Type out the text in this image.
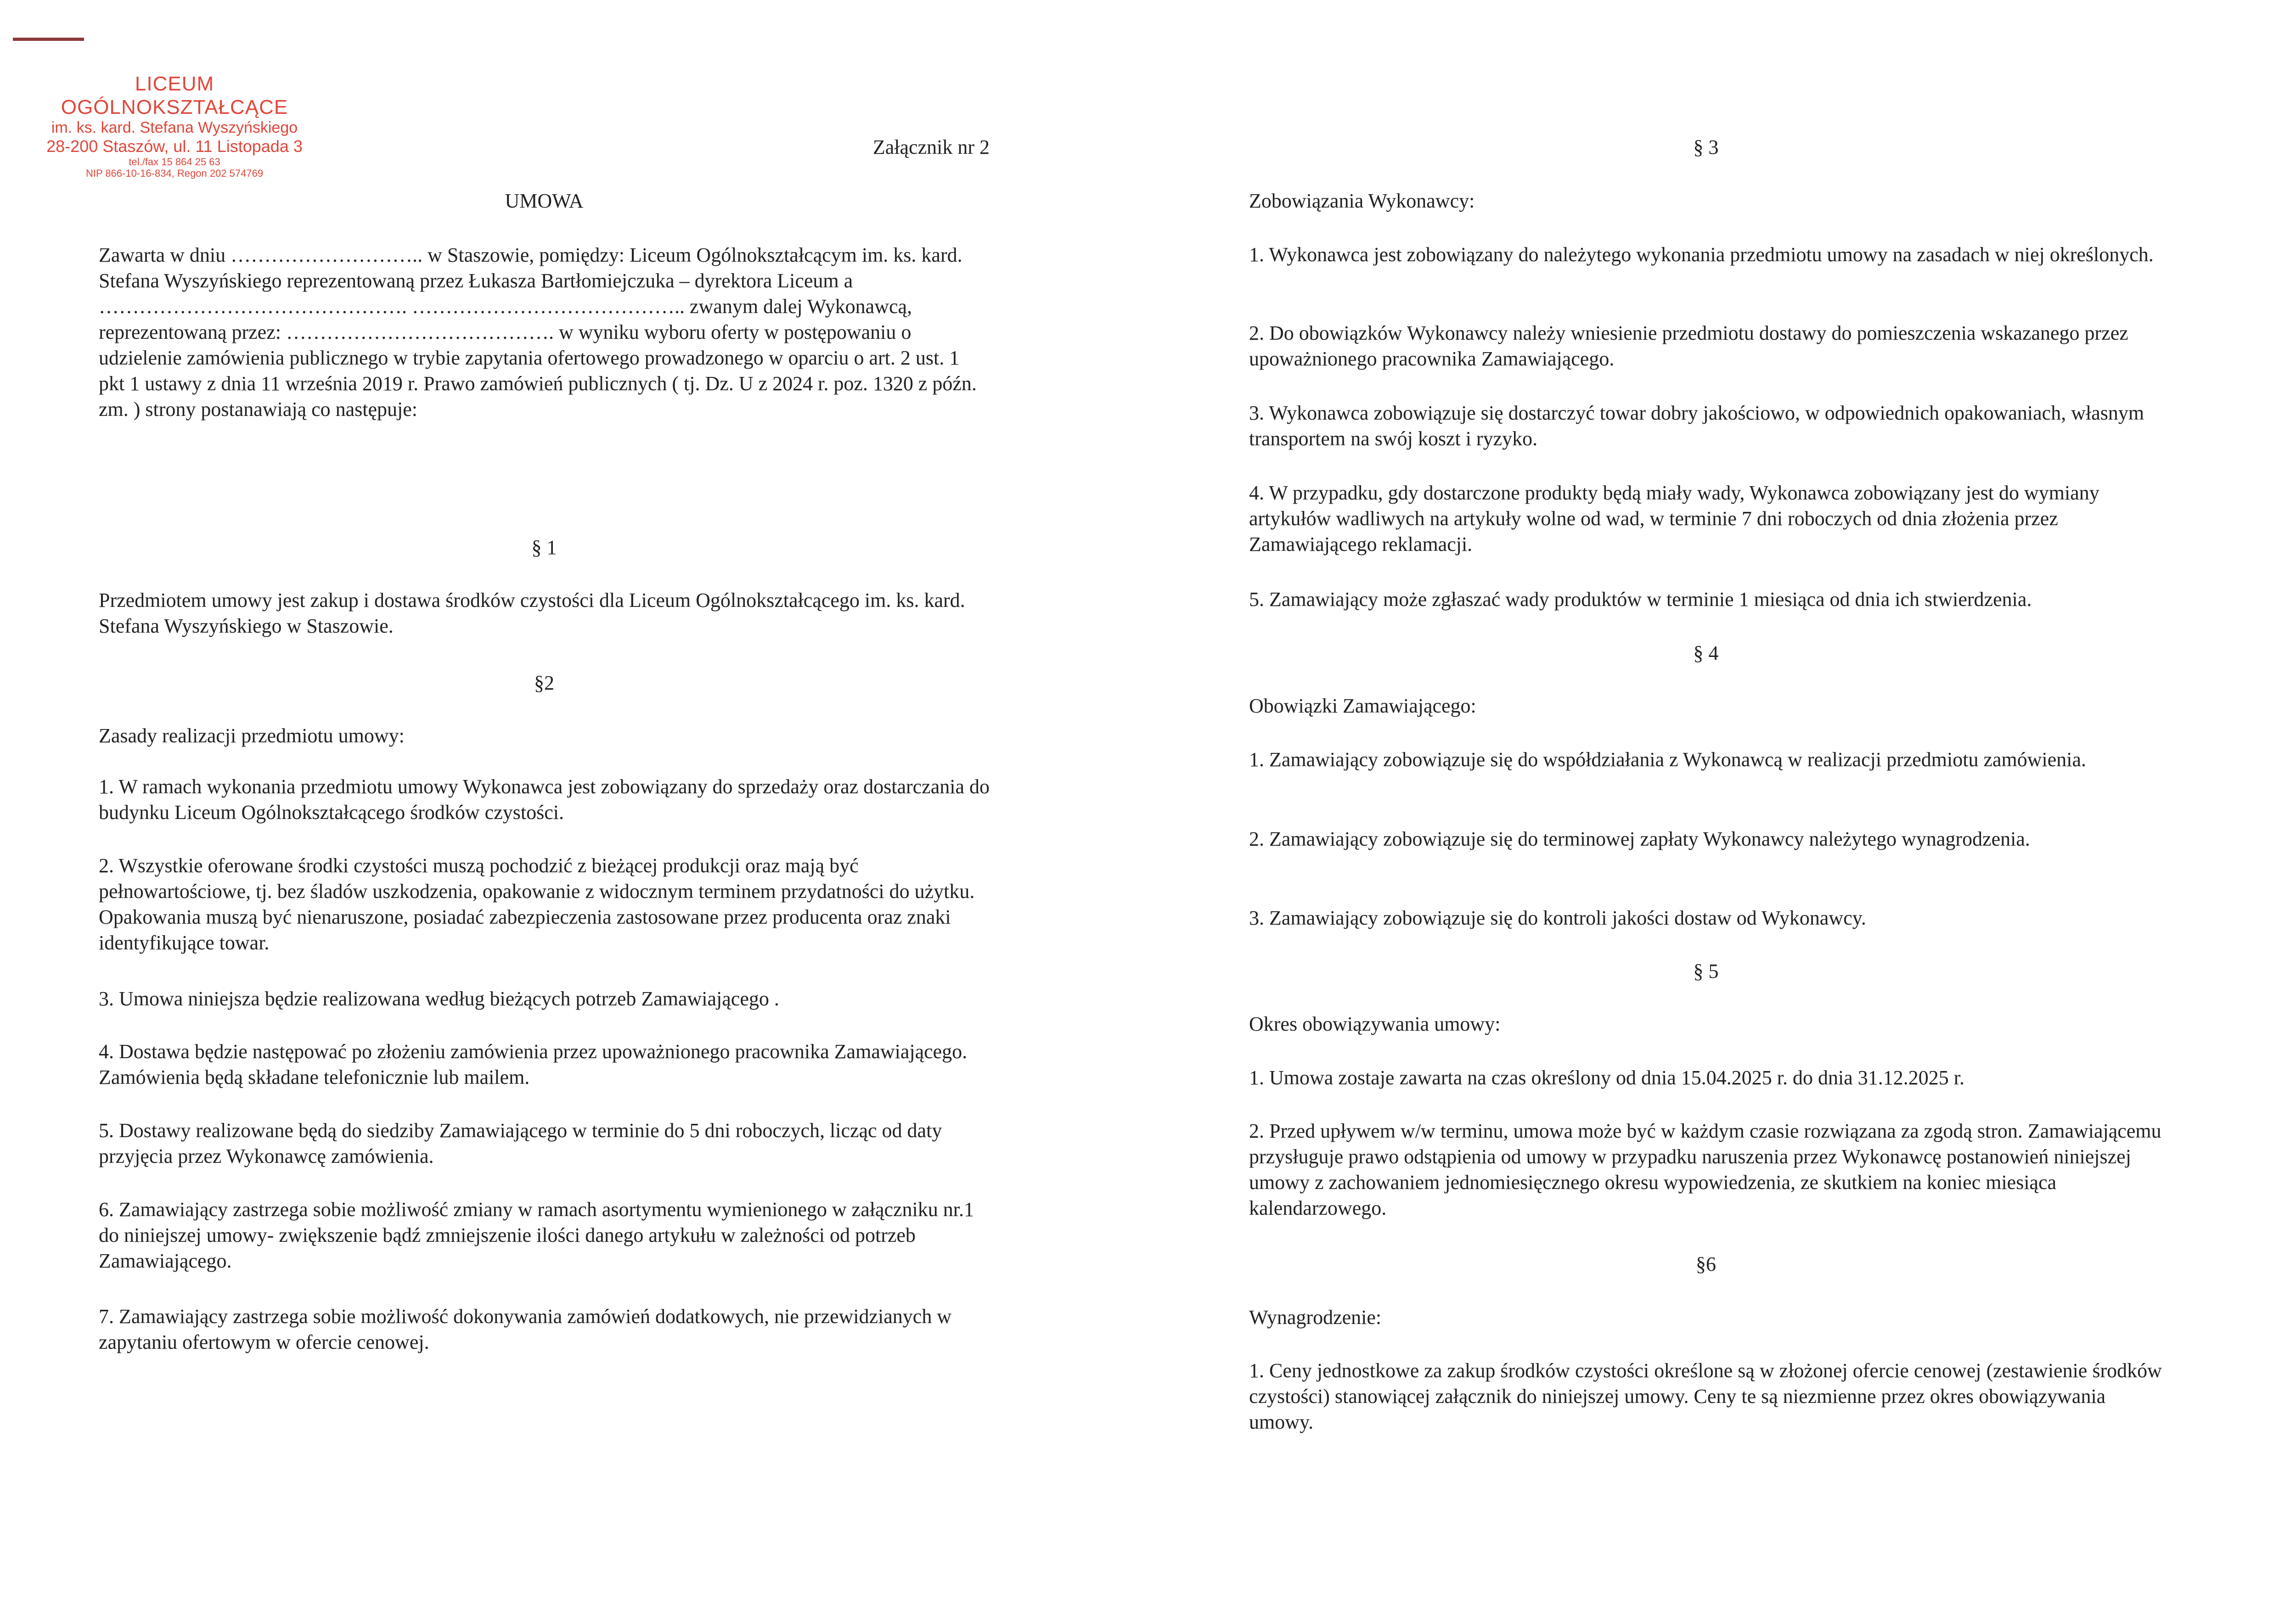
LICEUM OGÓLNOKSZTAŁCĄCE
im. ks. kard. Stefana Wyszyńskiego
28-200 Staszów, ul. 11 Listopada 3
tel./fax 15 864 25 63
NIP 866-10-16-834, Regon 202 574769

Załącznik nr 2

UMOWA

Zawarta w dniu ……………………….. w Staszowie, pomiędzy: Liceum Ogólnokształcącym im. ks. kard. Stefana Wyszyńskiego reprezentowaną przez Łukasza Bartłomiejczuka – dyrektora Liceum a ………………………………………. ………………………………….. zwanym dalej Wykonawcą, reprezentowaną przez: …………………………………. w wyniku wyboru oferty w postępowaniu o udzielenie zamówienia publicznego w trybie zapytania ofertowego prowadzonego w oparciu o art. 2 ust. 1 pkt 1 ustawy z dnia 11 września 2019 r. Prawo zamówień publicznych ( tj. Dz. U z 2024 r. poz. 1320 z późn. zm. ) strony postanawiają co następuje:

§ 1

Przedmiotem umowy jest zakup i dostawa środków czystości dla Liceum Ogólnokształcącego im. ks. kard. Stefana Wyszyńskiego w Staszowie.

§2

Zasady realizacji przedmiotu umowy:

1. W ramach wykonania przedmiotu umowy Wykonawca jest zobowiązany do sprzedaży oraz dostarczania do budynku Liceum Ogólnokształcącego środków czystości.

2. Wszystkie oferowane środki czystości muszą pochodzić z bieżącej produkcji oraz mają być pełnowartościowe, tj. bez śladów uszkodzenia, opakowanie z widocznym terminem przydatności do użytku. Opakowania muszą być nienaruszone, posiadać zabezpieczenia zastosowane przez producenta oraz znaki identyfikujące towar.

3. Umowa niniejsza będzie realizowana według bieżących potrzeb Zamawiającego .

4. Dostawa będzie następować po złożeniu zamówienia przez upoważnionego pracownika Zamawiającego. Zamówienia będą składane telefonicznie lub mailem.

5. Dostawy realizowane będą do siedziby Zamawiającego w terminie do 5 dni roboczych, licząc od daty przyjęcia przez Wykonawcę zamówienia.

6. Zamawiający zastrzega sobie możliwość zmiany w ramach asortymentu wymienionego w załączniku nr.1 do niniejszej umowy- zwiększenie bądź zmniejszenie ilości danego artykułu w zależności od potrzeb Zamawiającego.

7. Zamawiający zastrzega sobie możliwość dokonywania zamówień dodatkowych, nie przewidzianych w zapytaniu ofertowym w ofercie cenowej.

§ 3

Zobowiązania Wykonawcy:

1. Wykonawca jest zobowiązany do należytego wykonania przedmiotu umowy na zasadach w niej określonych.

2. Do obowiązków Wykonawcy należy wniesienie przedmiotu dostawy do pomieszczenia wskazanego przez upoważnionego pracownika Zamawiającego.

3. Wykonawca zobowiązuje się dostarczyć towar dobry jakościowo, w odpowiednich opakowaniach, własnym transportem na swój koszt i ryzyko.

4. W przypadku, gdy dostarczone produkty będą miały wady, Wykonawca zobowiązany jest do wymiany artykułów wadliwych na artykuły wolne od wad, w terminie 7 dni roboczych od dnia złożenia przez Zamawiającego reklamacji.

5. Zamawiający może zgłaszać wady produktów w terminie 1 miesiąca od dnia ich stwierdzenia.

§ 4

Obowiązki Zamawiającego:

1. Zamawiający zobowiązuje się do współdziałania z Wykonawcą w realizacji przedmiotu zamówienia.

2. Zamawiający zobowiązuje się do terminowej zapłaty Wykonawcy należytego wynagrodzenia.

3. Zamawiający zobowiązuje się do kontroli jakości dostaw od Wykonawcy.

§ 5

Okres obowiązywania umowy:

1. Umowa zostaje zawarta na czas określony od dnia 15.04.2025 r. do dnia 31.12.2025 r.

2. Przed upływem w/w terminu, umowa może być w każdym czasie rozwiązana za zgodą stron. Zamawiającemu przysługuje prawo odstąpienia od umowy w przypadku naruszenia przez Wykonawcę postanowień niniejszej umowy z zachowaniem jednomiesięcznego okresu wypowiedzenia, ze skutkiem na koniec miesiąca kalendarzowego.

§6

Wynagrodzenie:

1. Ceny jednostkowe za zakup środków czystości określone są w złożonej ofercie cenowej (zestawienie środków czystości) stanowiącej załącznik do niniejszej umowy. Ceny te są niezmienne przez okres obowiązywania umowy.
